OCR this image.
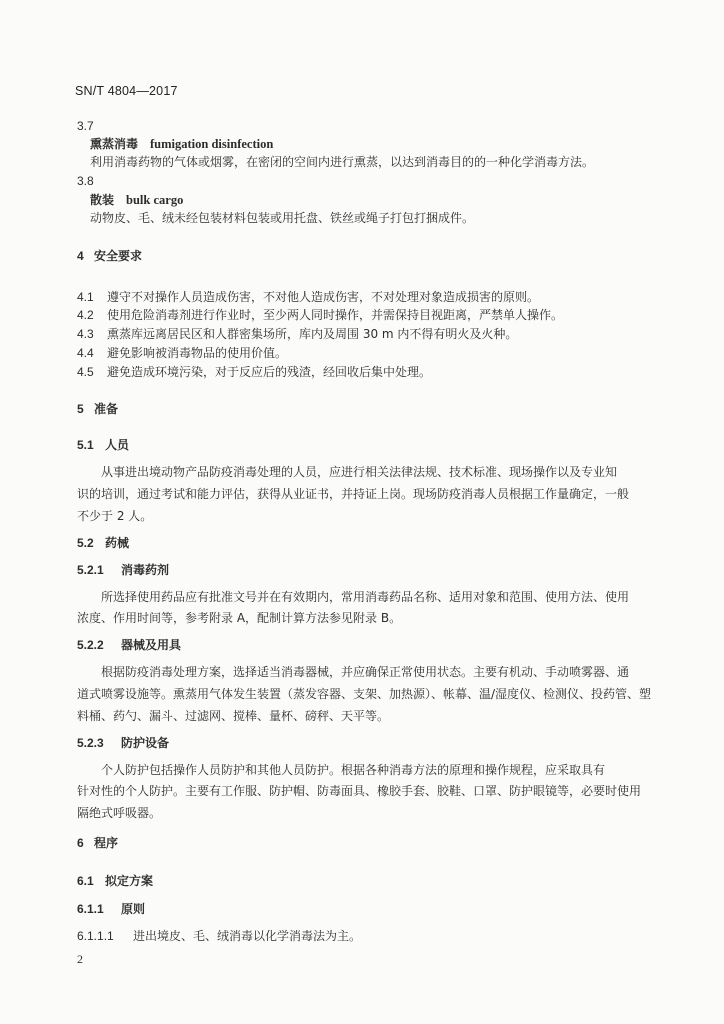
SN/T 4804—2017
3.7
熏蒸消毒 fumigation disinfection
利用消毒药物的气体或烟雾，在密闭的空间内进行熏蒸，以达到消毒目的的一种化学消毒方法。
3.8
散装 bulk cargo
动物皮、毛、绒未经包装材料包装或用托盘、铁丝或绳子打包打捆成件。
4 安全要求
4.1 遵守不对操作人员造成伤害，不对他人造成伤害，不对处理对象造成损害的原则。
4.2 使用危险消毒剂进行作业时，至少两人同时操作，并需保持目视距离，严禁单人操作。
4.3 熏蒸库远离居民区和人群密集场所，库内及周围 30 m 内不得有明火及火种。
4.4 避免影响被消毒物品的使用价值。
4.5 避免造成环境污染，对于反应后的残渣，经回收后集中处理。
5 准备
5.1 人员
从事进出境动物产品防疫消毒处理的人员，应进行相关法律法规、技术标准、现场操作以及专业知
识的培训，通过考试和能力评估，获得从业证书，并持证上岗。现场防疫消毒人员根据工作量确定，一般
不少于 2 人。
5.2 药械
5.2.1 消毒药剂
所选择使用药品应有批准文号并在有效期内，常用消毒药品名称、适用对象和范围、使用方法、使用
浓度、作用时间等，参考附录 A，配制计算方法参见附录 B。
5.2.2 器械及用具
根据防疫消毒处理方案，选择适当消毒器械，并应确保正常使用状态。主要有机动、手动喷雾器、通
道式喷雾设施等。熏蒸用气体发生装置（蒸发容器、支架、加热源）、帐幕、温/湿度仪、检测仪、投药管、塑
料桶、药勺、漏斗、过滤网、搅棒、量杯、磅秤、天平等。
5.2.3 防护设备
个人防护包括操作人员防护和其他人员防护。根据各种消毒方法的原理和操作规程，应采取具有
针对性的个人防护。主要有工作服、防护帽、防毒面具、橡胶手套、胶鞋、口罩、防护眼镜等，必要时使用
隔绝式呼吸器。
6 程序
6.1 拟定方案
6.1.1 原则
6.1.1.1 进出境皮、毛、绒消毒以化学消毒法为主。
2
